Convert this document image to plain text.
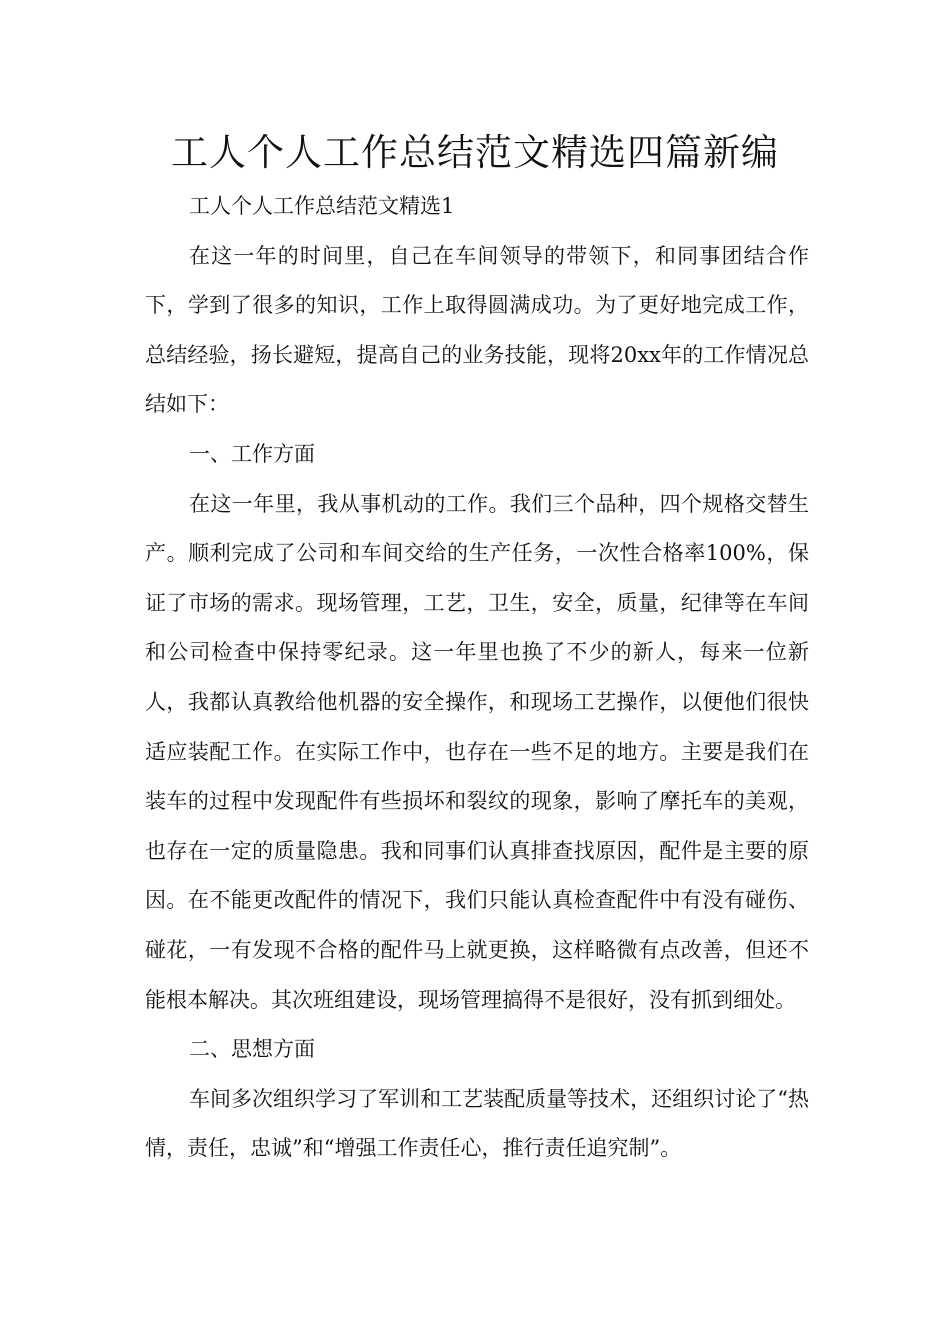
工人个人工作总结范文精选四篇新编

工人个人工作总结范文精选1

在这一年的时间里，自己在车间领导的带领下，和同事团结合作下，学到了很多的知识，工作上取得圆满成功。为了更好地完成工作，总结经验，扬长避短，提高自己的业务技能，现将20xx年的工作情况总结如下：

一、工作方面

在这一年里，我从事机动的工作。我们三个品种，四个规格交替生产。顺利完成了公司和车间交给的生产任务，一次性合格率100%，保证了市场的需求。现场管理，工艺，卫生，安全，质量，纪律等在车间和公司检查中保持零纪录。这一年里也换了不少的新人，每来一位新人，我都认真教给他机器的安全操作，和现场工艺操作，以便他们很快适应装配工作。在实际工作中，也存在一些不足的地方。主要是我们在装车的过程中发现配件有些损坏和裂纹的现象，影响了摩托车的美观，也存在一定的质量隐患。我和同事们认真排查找原因，配件是主要的原因。在不能更改配件的情况下，我们只能认真检查配件中有没有碰伤、碰花，一有发现不合格的配件马上就更换，这样略微有点改善，但还不能根本解决。其次班组建设，现场管理搞得不是很好，没有抓到细处。

二、思想方面

车间多次组织学习了军训和工艺装配质量等技术，还组织讨论了“热情，责任，忠诚”和“增强工作责任心，推行责任追究制”。
